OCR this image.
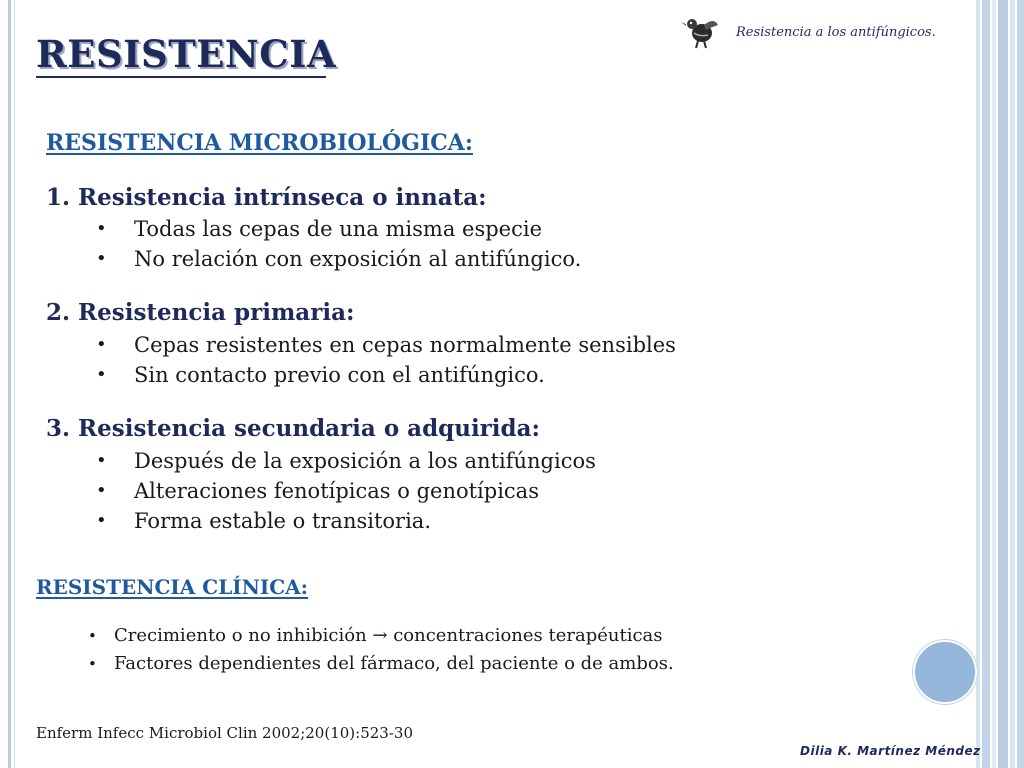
RESISTENCIA	Resistencia a los antifúngicos.
RESISTENCIA MICROBIOLÓGICA:
1. Resistencia intrínseca o innata:
• Todas las cepas de una misma especie
• No relación con exposición al antifúngico.
2. Resistencia primaria:
• Cepas resistentes en cepas normalmente sensibles
• Sin contacto previo con el antifúngico.
3. Resistencia secundaria o adquirida:
• Después de la exposición a los antifúngicos
• Alteraciones fenotípicas o genotípicas
• Forma estable o transitoria.
RESISTENCIA CLÍNICA:
• Crecimiento o no inhibición → concentraciones terapéuticas
• Factores dependientes del fármaco, del paciente o de ambos.

Enferm Infecc Microbiol Clin 2002;20(10):523-30

Dilia K. Martínez Méndez
